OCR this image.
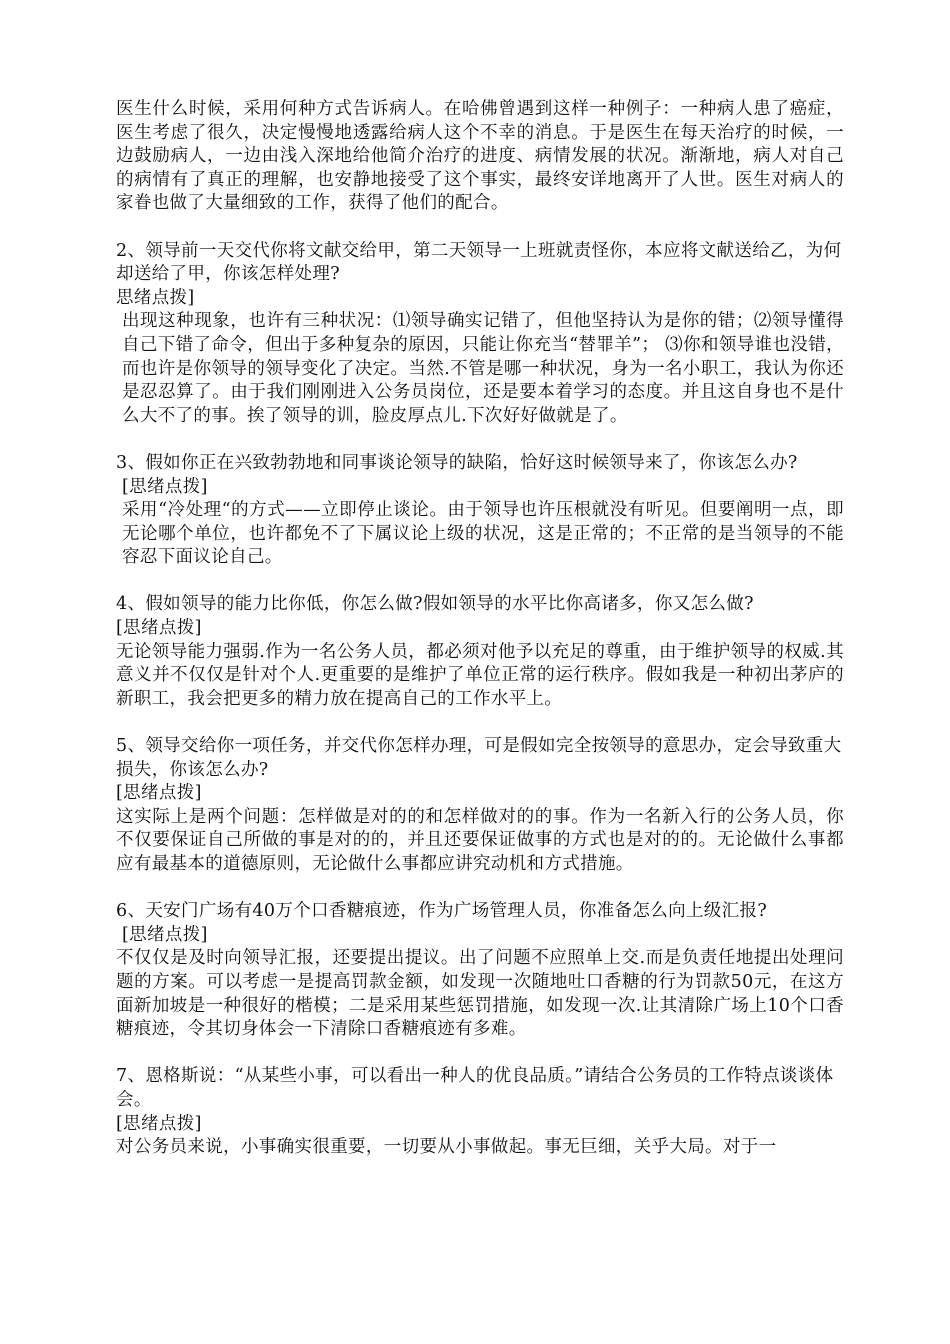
医生什么时候，采用何种方式告诉病人。在哈佛曾遇到这样一种例子：一种病人患了癌症，医生考虑了很久，决定慢慢地透露给病人这个不幸的消息。于是医生在每天治疗的时候，一边鼓励病人，一边由浅入深地给他简介治疗的进度、病情发展的状况。渐渐地，病人对自己的病情有了真正的理解，也安静地接受了这个事实，最终安详地离开了人世。医生对病人的家眷也做了大量细致的工作，获得了他们的配合。

2、领导前一天交代你将文献交给甲，第二天领导一上班就责怪你，本应将文献送给乙，为何却送给了甲，你该怎样处理?

思绪点拨]

出现这种现象，也许有三种状况：⑴领导确实记错了，但他坚持认为是你的错；⑵领导懂得自己下错了命令，但出于多种复杂的原因，只能让你充当“替罪羊”； ⑶你和领导谁也没错，而也许是你领导的领导变化了决定。当然.不管是哪一种状况，身为一名小职工，我认为你还是忍忍算了。由于我们刚刚进入公务员岗位，还是要本着学习的态度。并且这自身也不是什么大不了的事。挨了领导的训，脸皮厚点儿.下次好好做就是了。

3、假如你正在兴致勃勃地和同事谈论领导的缺陷，恰好这时候领导来了，你该怎么办?

[思绪点拨]

采用“冷处理“的方式——立即停止谈论。由于领导也许压根就没有听见。但要阐明一点，即无论哪个单位，也许都免不了下属议论上级的状况，这是正常的；不正常的是当领导的不能容忍下面议论自己。

4、假如领导的能力比你低，你怎么做?假如领导的水平比你高诸多，你又怎么做?

[思绪点拨]

无论领导能力强弱.作为一名公务人员，都必须对他予以充足的尊重，由于维护领导的权威.其意义并不仅仅是针对个人.更重要的是维护了单位正常的运行秩序。假如我是一种初出茅庐的新职工，我会把更多的精力放在提高自己的工作水平上。

5、领导交给你一项任务，并交代你怎样办理，可是假如完全按领导的意思办，定会导致重大损失，你该怎么办?

[思绪点拨]

这实际上是两个问题：怎样做是对的的和怎样做对的的事。作为一名新入行的公务人员，你不仅要保证自己所做的事是对的的，并且还要保证做事的方式也是对的的。无论做什么事都应有最基本的道德原则，无论做什么事都应讲究动机和方式措施。

6、天安门广场有40万个口香糖痕迹，作为广场管理人员，你准备怎么向上级汇报?

[思绪点拨]

不仅仅是及时向领导汇报，还要提出提议。出了问题不应照单上交.而是负责任地提出处理问题的方案。可以考虑一是提高罚款金额，如发现一次随地吐口香糖的行为罚款50元，在这方面新加坡是一种很好的楷模；二是采用某些惩罚措施，如发现一次.让其清除广场上10个口香糖痕迹，令其切身体会一下清除口香糖痕迹有多难。

7、恩格斯说：“从某些小事，可以看出一种人的优良品质。”请结合公务员的工作特点谈谈体会。

[思绪点拨]

对公务员来说，小事确实很重要，一切要从小事做起。事无巨细，关乎大局。对于一
